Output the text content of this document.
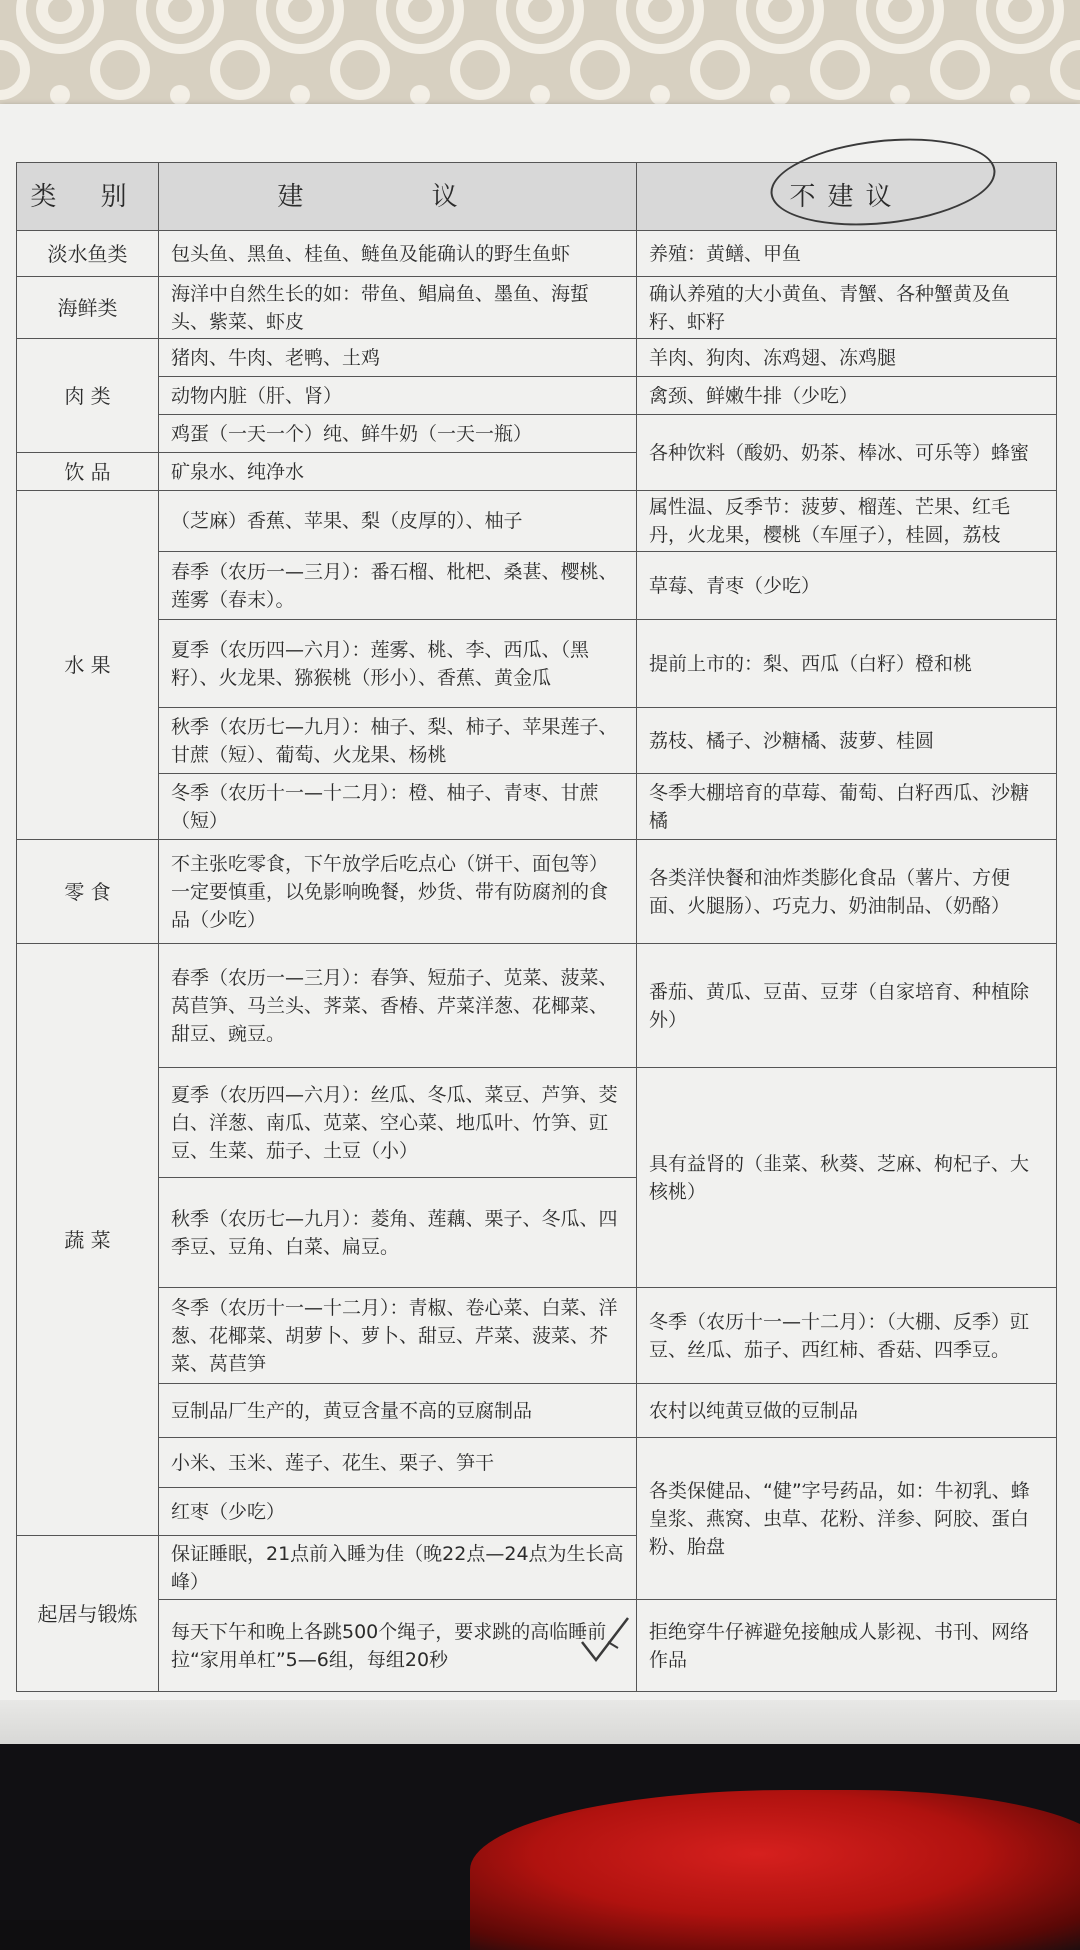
类 别	建 议	不建议
淡水鱼类	包头鱼、黑鱼、桂鱼、鲢鱼及能确认的野生鱼虾	养殖：黄鳝、甲鱼
海鲜类	海洋中自然生长的如：带鱼、鲳扁鱼、墨鱼、海蜇头、紫菜、虾皮	确认养殖的大小黄鱼、青蟹、各种蟹黄及鱼籽、虾籽
肉 类	猪肉、牛肉、老鸭、土鸡	羊肉、狗肉、冻鸡翅、冻鸡腿
	动物内脏（肝、肾）	禽颈、鲜嫩牛排（少吃）
	鸡蛋（一天一个）纯、鲜牛奶（一天一瓶）	各种饮料（酸奶、奶茶、棒冰、可乐等）蜂蜜
饮 品	矿泉水、纯净水	
水 果	（芝麻）香蕉、苹果、梨（皮厚的）、柚子	属性温、反季节：菠萝、榴莲、芒果、红毛丹，火龙果，樱桃（车厘子），桂圆，荔枝
	春季（农历一—三月）：番石榴、枇杷、桑葚、樱桃、莲雾（春末）。	草莓、青枣（少吃）
	夏季（农历四—六月）：莲雾、桃、李、西瓜、（黑籽）、火龙果、猕猴桃（形小）、香蕉、黄金瓜	提前上市的：梨、西瓜（白籽）橙和桃
	秋季（农历七—九月）：柚子、梨、柿子、苹果莲子、甘蔗（短）、葡萄、火龙果、杨桃	荔枝、橘子、沙糖橘、菠萝、桂圆
	冬季（农历十一—十二月）：橙、柚子、青枣、甘蔗（短）	冬季大棚培育的草莓、葡萄、白籽西瓜、沙糖橘
零 食	不主张吃零食，下午放学后吃点心（饼干、面包等）一定要慎重，以免影响晚餐，炒货、带有防腐剂的食品（少吃）	各类洋快餐和油炸类膨化食品（薯片、方便面、火腿肠）、巧克力、奶油制品、（奶酪）
蔬 菜	春季（农历一—三月）：春笋、短茄子、苋菜、菠菜、莴苣笋、马兰头、荠菜、香椿、芹菜洋葱、花椰菜、甜豆、豌豆。	番茄、黄瓜、豆苗、豆芽（自家培育、种植除外）
	夏季（农历四—六月）：丝瓜、冬瓜、菜豆、芦笋、茭白、洋葱、南瓜、苋菜、空心菜、地瓜叶、竹笋、豇豆、生菜、茄子、土豆（小）	具有益肾的（韭菜、秋葵、芝麻、枸杞子、大核桃）
	秋季（农历七—九月）：菱角、莲藕、栗子、冬瓜、四季豆、豆角、白菜、扁豆。	
	冬季（农历十一—十二月）：青椒、卷心菜、白菜、洋葱、花椰菜、胡萝卜、萝卜、甜豆、芹菜、菠菜、芥菜、莴苣笋	冬季（农历十一—十二月）：（大棚、反季）豇豆、丝瓜、茄子、西红柿、香菇、四季豆。
	豆制品厂生产的，黄豆含量不高的豆腐制品	农村以纯黄豆做的豆制品
	小米、玉米、莲子、花生、栗子、笋干	各类保健品、“健”字号药品，如：牛初乳、蜂皇浆、燕窝、虫草、花粉、洋参、阿胶、蛋白粉、胎盘
	红枣（少吃）	
起居与锻炼	保证睡眠，21点前入睡为佳（晚22点—24点为生长高峰）	
	每天下午和晚上各跳500个绳子，要求跳的高临睡前拉“家用单杠”5—6组，每组20秒	拒绝穿牛仔裤避免接触成人影视、书刊、网络作品
